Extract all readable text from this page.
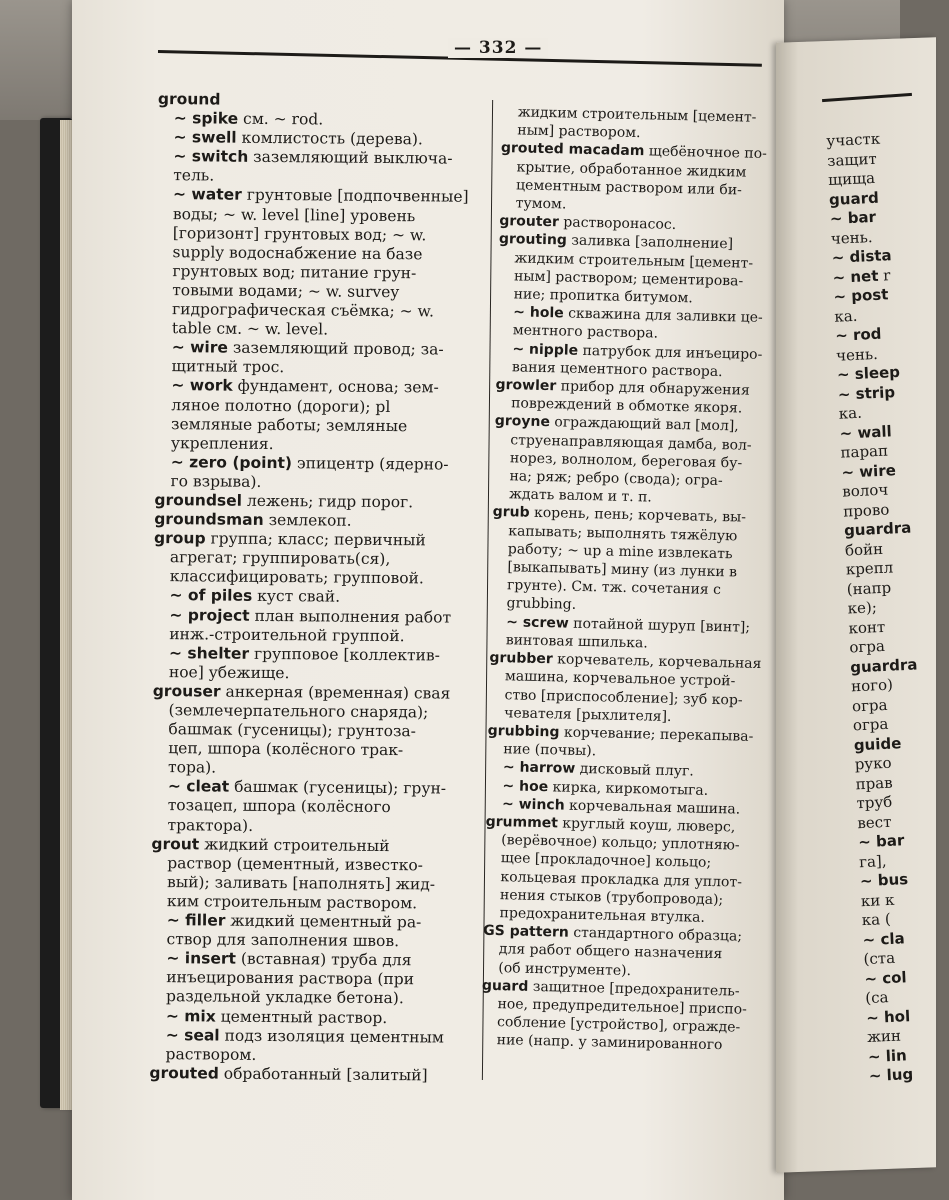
— 332 —
ground
~ spike см. ~ rod.
~ swell комлистость (дерева).
~ switch заземляющий выключа-
тель.
~ water грунтовые [подпочвенные]
воды; ~ w. level [line] уровень
[горизонт] грунтовых вод; ~ w.
supply водоснабжение на базе
грунтовых вод; питание грун-
товыми водами; ~ w. survey
гидрографическая съёмка; ~ w.
table см. ~ w. level.
~ wire заземляющий провод; за-
щитный трос.
~ work фундамент, основа; зем-
ляное полотно (дороги); pl
земляные работы; земляные
укрепления.
~ zero (point) эпицентр (ядерно-
го взрыва).
groundsel лежень; гидр порог.
groundsman землекоп.
group группа; класс; первичный
агрегат; группировать(ся),
классифицировать; групповой.
~ of piles куст свай.
~ project план выполнения работ
инж.-строительной группой.
~ shelter групповое [коллектив-
ное] убежище.
grouser анкерная (временная) свая
(землечерпательного снаряда);
башмак (гусеницы); грунтоза-
цеп, шпора (колёсного трак-
тора).
~ cleat башмак (гусеницы); грун-
тозацеп, шпора (колёсного
трактора).
grout жидкий строительный
раствор (цементный, известко-
вый); заливать [наполнять] жид-
ким строительным раствором.
~ filler жидкий цементный ра-
створ для заполнения швов.
~ insert (вставная) труба для
инъецирования раствора (при
раздельной укладке бетона).
~ mix цементный раствор.
~ seal подз изоляция цементным
раствором.
grouted обработанный [залитый]
жидким строительным [цемент-
ным] раствором.
grouted macadam щебёночное по-
крытие, обработанное жидким
цементным раствором или би-
тумом.
grouter растворонасос.
grouting заливка [заполнение]
жидким строительным [цемент-
ным] раствором; цементирова-
ние; пропитка битумом.
~ hole скважина для заливки це-
ментного раствора.
~ nipple патрубок для инъециро-
вания цементного раствора.
growler прибор для обнаружения
повреждений в обмотке якоря.
groyne ограждающий вал [мол],
струенаправляющая дамба, вол-
норез, волнолом, береговая бу-
на; ряж; ребро (свода); огра-
ждать валом и т. п.
grub корень, пень; корчевать, вы-
капывать; выполнять тяжёлую
работу; ~ up a mine извлекать
[выкапывать] мину (из лунки в
грунте). См. тж. сочетания с
grubbing.
~ screw потайной шуруп [винт];
винтовая шпилька.
grubber корчеватель, корчевальная
машина, корчевальное устрой-
ство [приспособление]; зуб кор-
чевателя [рыхлителя].
grubbing корчевание; перекапыва-
ние (почвы).
~ harrow дисковый плуг.
~ hoe кирка, киркомотыга.
~ winch корчевальная машина.
grummet круглый коуш, люверс,
(верёвочное) кольцо; уплотняю-
щее [прокладочное] кольцо;
кольцевая прокладка для уплот-
нения стыков (трубопровода);
предохранительная втулка.
GS pattern стандартного образца;
для работ общего назначения
(об инструменте).
guard защитное [предохранитель-
ное, предупредительное] приспо-
собление [устройство], огражде-
ние (напр. у заминированного
участк
защит
щища
guard
~ bar
чень.
~ dista
~ net r
~ post
ка.
~ rod
чень.
~ sleep
~ strip
ка.
~ wall
парап
~ wire
волоч
прово
guardra
бойн
крепл
(напр
ке);
конт
огра
guardra
ного)
огра
огра
guide
руко
прав
труб
вест
~ bar
га],
~ bus
ки к
ка (
~ cla
(ста
~ col
(са
~ hol
жин
~ lin
~ lug
